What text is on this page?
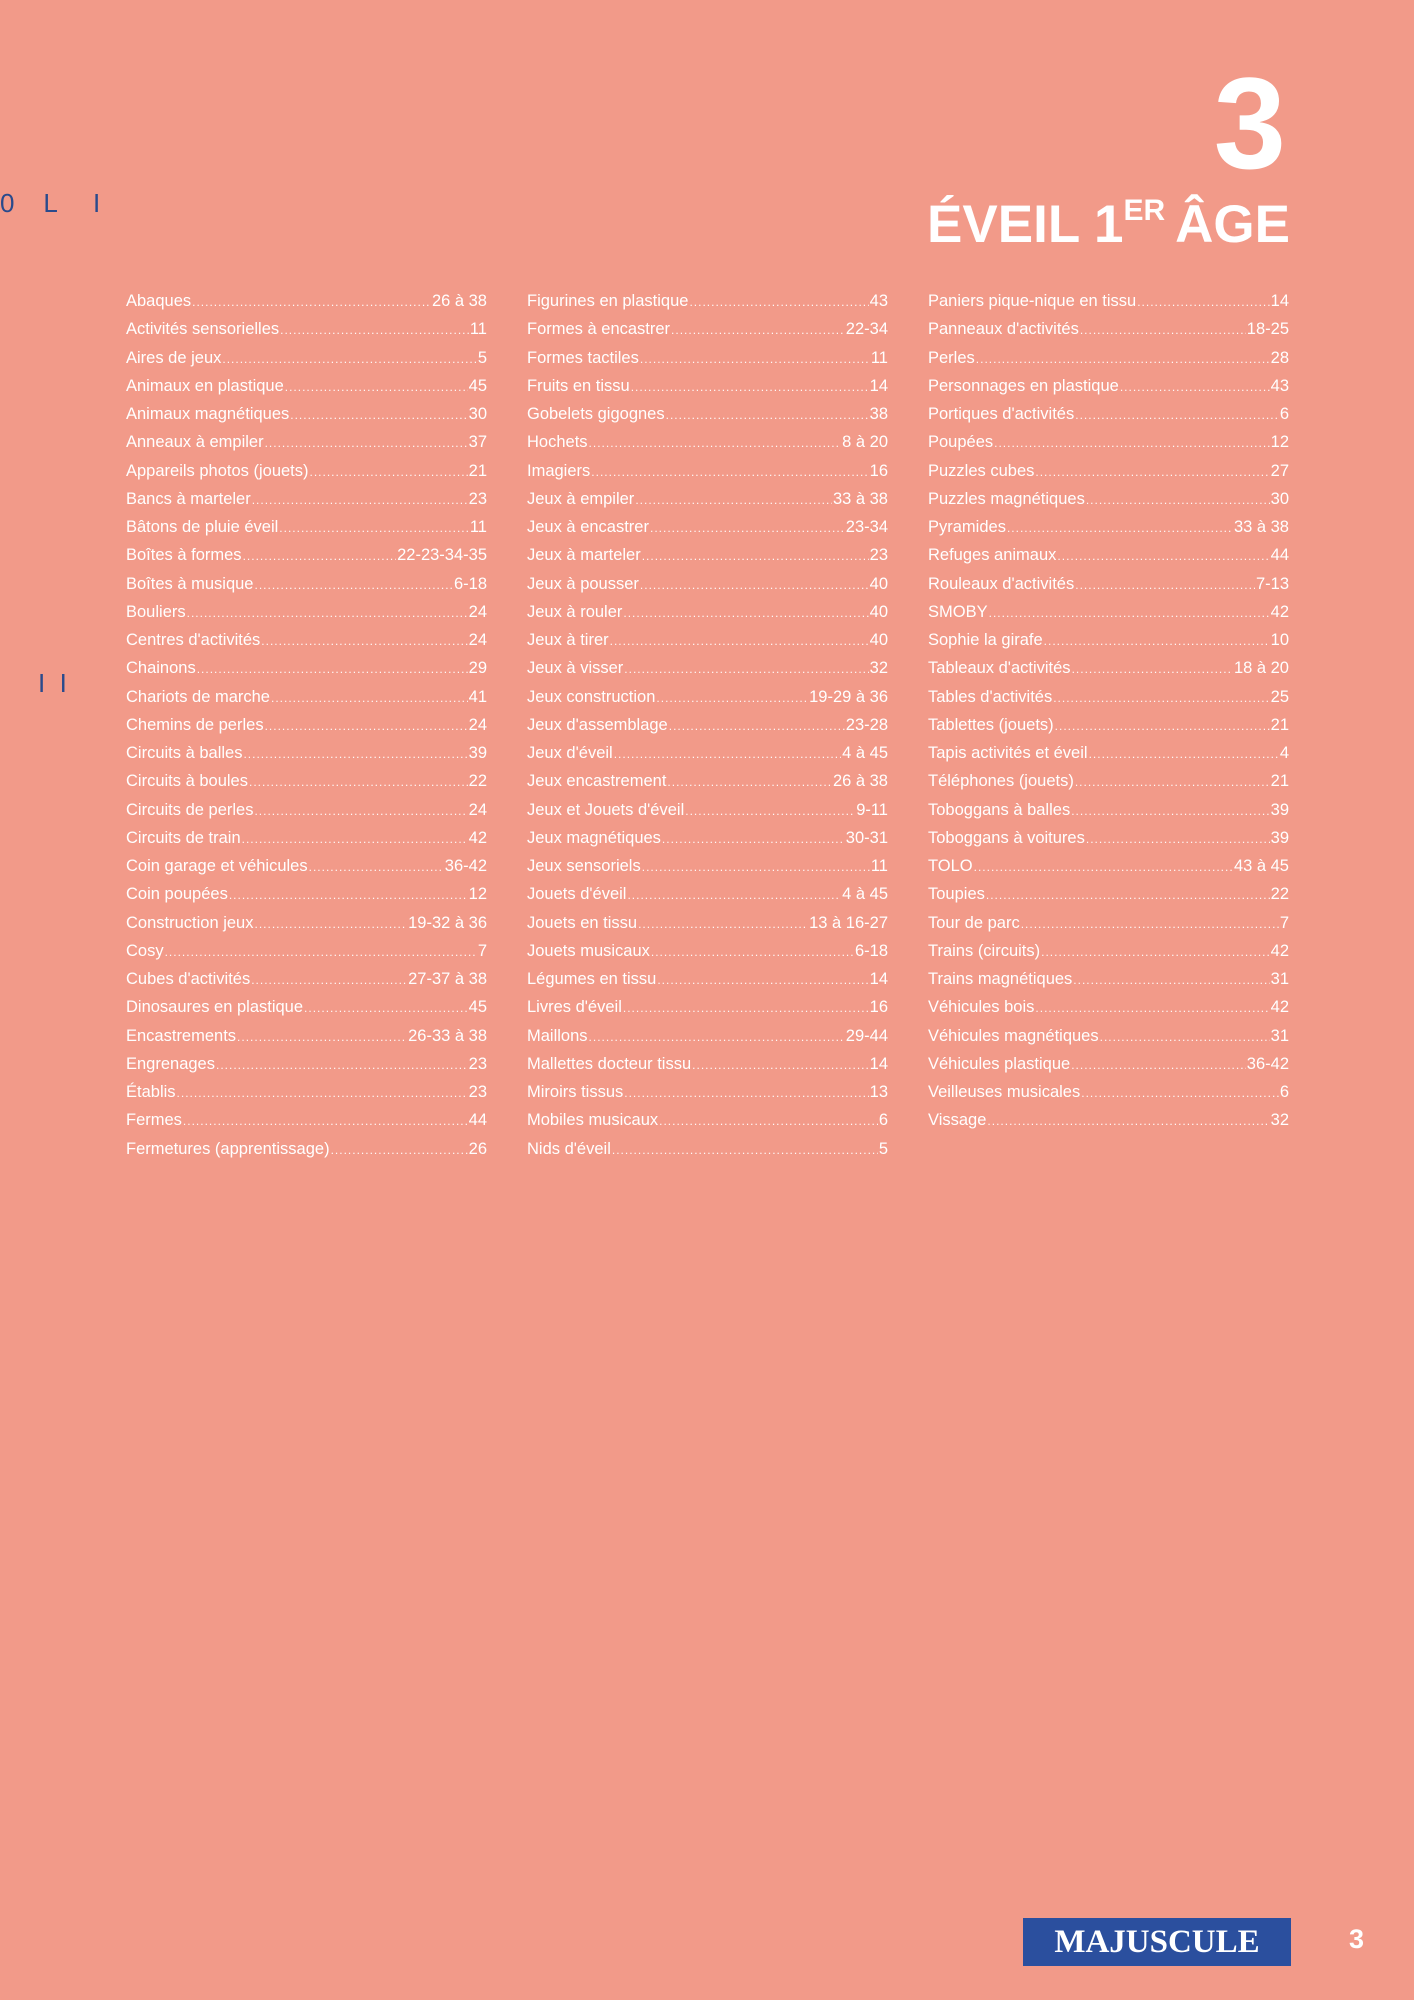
0    L     I
I  I
3
ÉVEIL 1ER ÂGE
Abaques .....	26 à 38
Activités sensorielles .....	11
Aires de jeux .....	5
Animaux en plastique .....	45
Animaux magnétiques .....	30
Anneaux à empiler .....	37
Appareils photos (jouets) .....	21
Bancs à marteler .....	23
Bâtons de pluie éveil .....	11
Boîtes à formes .....	22-23-34-35
Boîtes à musique .....	6-18
Bouliers .....	24
Centres d'activités .....	24
Chainons .....	29
Chariots de marche .....	41
Chemins de perles .....	24
Circuits à balles .....	39
Circuits à boules .....	22
Circuits de perles .....	24
Circuits de train .....	42
Coin garage et véhicules .....	36-42
Coin poupées .....	12
Construction jeux .....	19-32 à 36
Cosy .....	7
Cubes d'activités .....	27-37 à 38
Dinosaures en plastique .....	45
Encastrements .....	26-33 à 38
Engrenages .....	23
Établis .....	23
Fermes .....	44
Fermetures (apprentissage) .....	26
Figurines en plastique .....	43
Formes à encastrer .....	22-34
Formes tactiles .....	11
Fruits en tissu .....	14
Gobelets gigognes .....	38
Hochets .....	8 à 20
Imagiers .....	16
Jeux à empiler .....	33 à 38
Jeux à encastrer .....	23-34
Jeux à marteler .....	23
Jeux à pousser .....	40
Jeux à rouler .....	40
Jeux à tirer .....	40
Jeux à visser .....	32
Jeux construction .....	19-29 à 36
Jeux d'assemblage .....	23-28
Jeux d'éveil .....	4 à 45
Jeux encastrement .....	26 à 38
Jeux et Jouets d'éveil .....	9-11
Jeux magnétiques .....	30-31
Jeux sensoriels .....	11
Jouets d'éveil .....	4 à 45
Jouets en tissu .....	13 à 16-27
Jouets musicaux .....	6-18
Légumes en tissu .....	14
Livres d'éveil .....	16
Maillons .....	29-44
Mallettes docteur tissu .....	14
Miroirs tissus .....	13
Mobiles musicaux .....	6
Nids d'éveil .....	5
Paniers pique-nique en tissu .....	14
Panneaux d'activités .....	18-25
Perles .....	28
Personnages en plastique .....	43
Portiques d'activités .....	6
Poupées .....	12
Puzzles cubes .....	27
Puzzles magnétiques .....	30
Pyramides .....	33 à 38
Refuges animaux .....	44
Rouleaux d'activités .....	7-13
SMOBY .....	42
Sophie la girafe .....	10
Tableaux d'activités .....	18 à 20
Tables d'activités .....	25
Tablettes (jouets) .....	21
Tapis activités et éveil .....	4
Téléphones (jouets) .....	21
Toboggans à balles .....	39
Toboggans à voitures .....	39
TOLO .....	43 à 45
Toupies .....	22
Tour de parc .....	7
Trains (circuits) .....	42
Trains magnétiques .....	31
Véhicules bois .....	42
Véhicules magnétiques .....	31
Véhicules plastique .....	36-42
Veilleuses musicales .....	6
Vissage .....	32
MAJUSCULE	3
